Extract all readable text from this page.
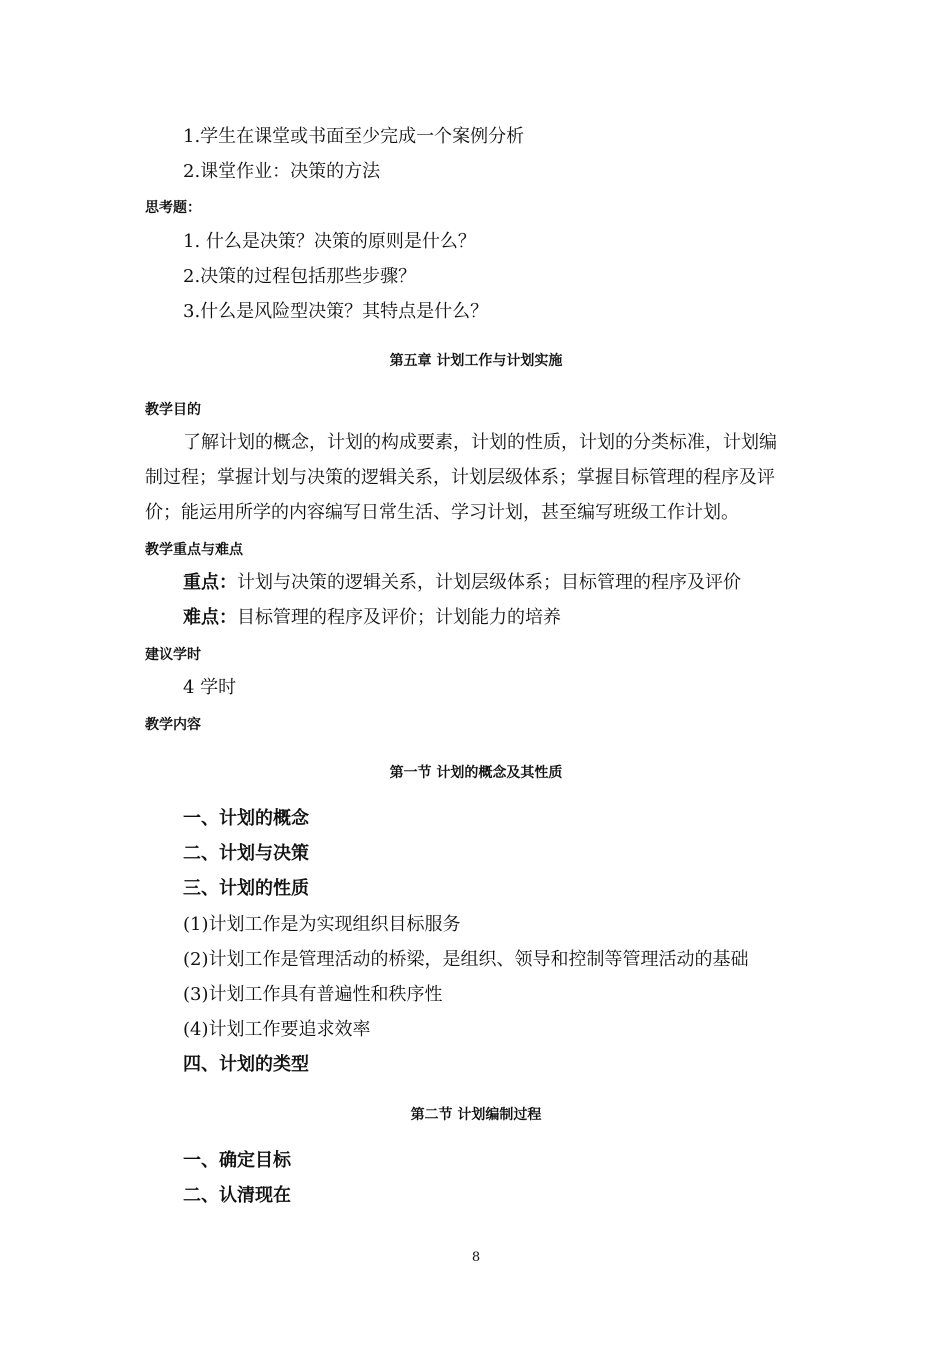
1.学生在课堂或书面至少完成一个案例分析
2.课堂作业：决策的方法
思考题：
1. 什么是决策？决策的原则是什么？
2.决策的过程包括那些步骤？
3.什么是风险型决策？其特点是什么？
第五章 计划工作与计划实施
教学目的
了解计划的概念，计划的构成要素，计划的性质，计划的分类标准，计划编
制过程；掌握计划与决策的逻辑关系，计划层级体系；掌握目标管理的程序及评
价；能运用所学的内容编写日常生活、学习计划，甚至编写班级工作计划。
教学重点与难点
重点：计划与决策的逻辑关系，计划层级体系；目标管理的程序及评价
难点：目标管理的程序及评价；计划能力的培养
建议学时
4 学时
教学内容
第一节 计划的概念及其性质
一、计划的概念
二、计划与决策
三、计划的性质
(1)计划工作是为实现组织目标服务
(2)计划工作是管理活动的桥梁，是组织、领导和控制等管理活动的基础
(3)计划工作具有普遍性和秩序性
(4)计划工作要追求效率
四、计划的类型
第二节 计划编制过程
一、确定目标
二、认清现在
8
